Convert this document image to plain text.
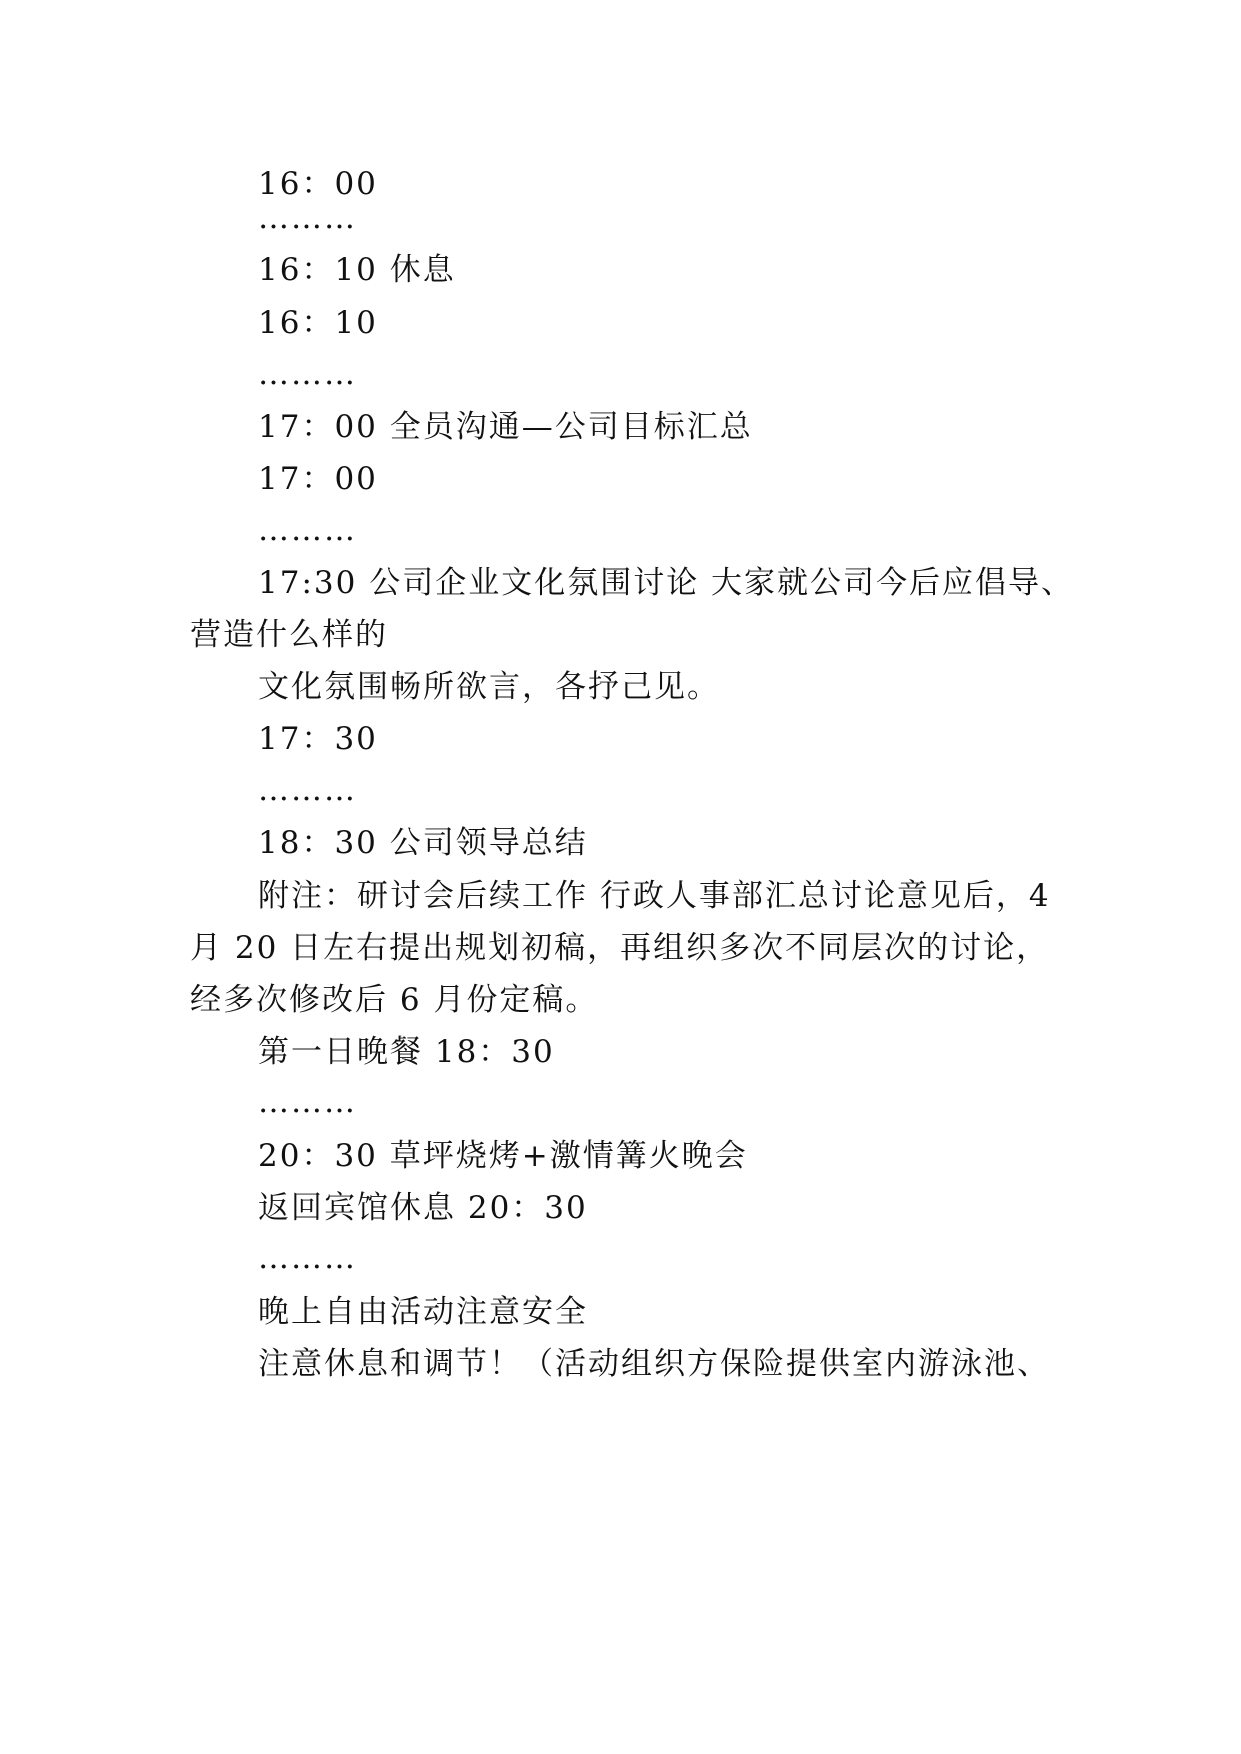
16：00
………
16：10 休息
16：10
………
17：00 全员沟通—公司目标汇总
17：00
………
17:30 公司企业文化氛围讨论 大家就公司今后应倡导、
营造什么样的
文化氛围畅所欲言，各抒己见。
17：30
………
18：30 公司领导总结
附注：研讨会后续工作 行政人事部汇总讨论意见后，4
月 20 日左右提出规划初稿，再组织多次不同层次的讨论，
经多次修改后 6 月份定稿。
第一日晚餐 18：30
………
20：30 草坪烧烤+激情篝火晚会
返回宾馆休息 20：30
………
晚上自由活动注意安全
注意休息和调节！（活动组织方保险提供室内游泳池、
